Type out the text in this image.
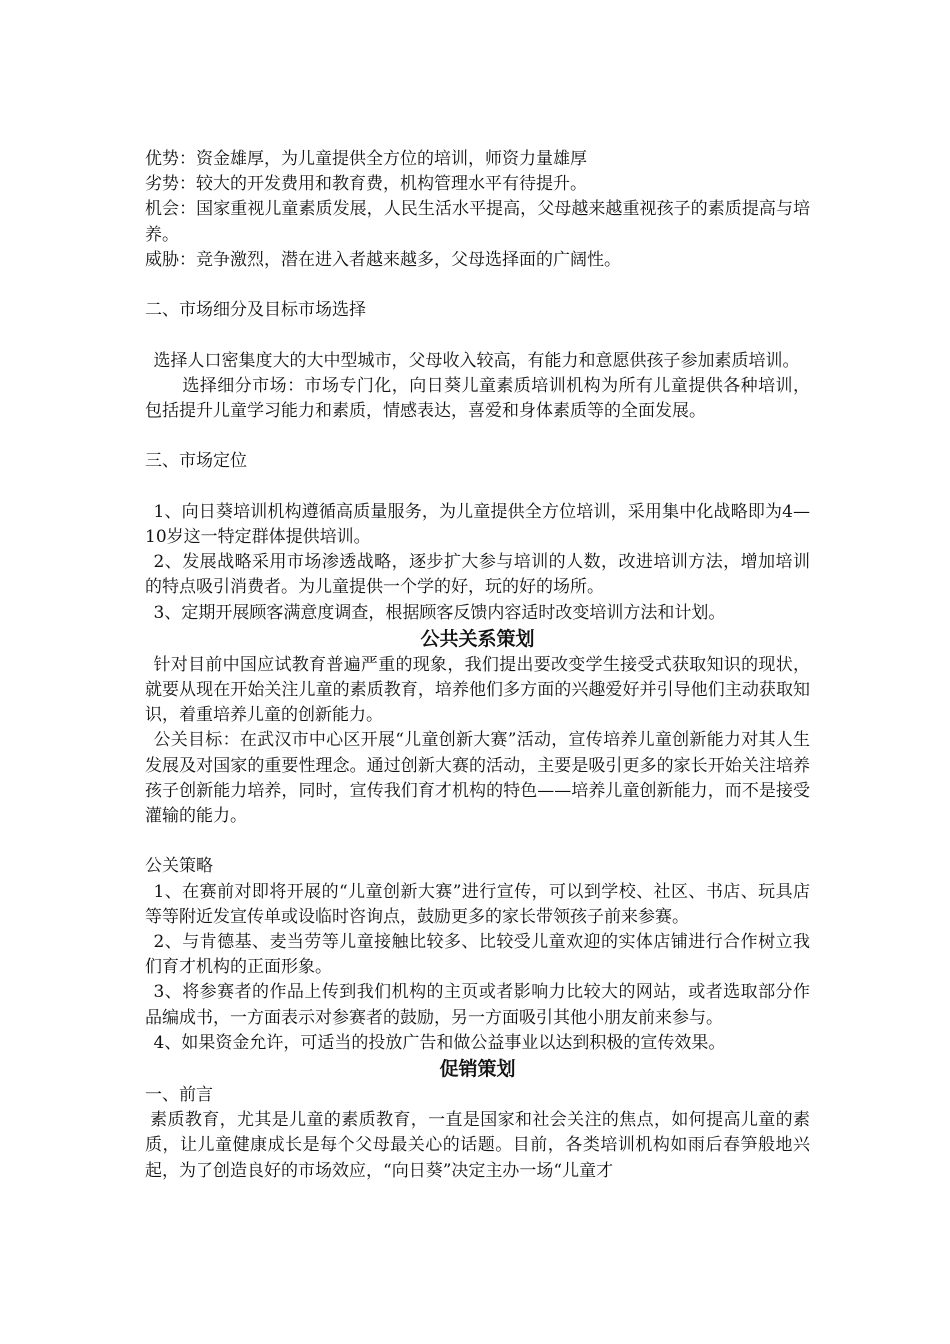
优势：资金雄厚，为儿童提供全方位的培训，师资力量雄厚

劣势：较大的开发费用和教育费，机构管理水平有待提升。

机会：国家重视儿童素质发展，人民生活水平提高，父母越来越重视孩子的素质提高与培养。

威胁：竞争激烈，潜在进入者越来越多，父母选择面的广阔性。

二、市场细分及目标市场选择

选择人口密集度大的大中型城市，父母收入较高，有能力和意愿供孩子参加素质培训。

选择细分市场：市场专门化，向日葵儿童素质培训机构为所有儿童提供各种培训，包括提升儿童学习能力和素质，情感表达，喜爱和身体素质等的全面发展。

三、市场定位

1、向日葵培训机构遵循高质量服务，为儿童提供全方位培训，采用集中化战略即为4—10岁这一特定群体提供培训。

2、发展战略采用市场渗透战略，逐步扩大参与培训的人数，改进培训方法，增加培训的特点吸引消费者。为儿童提供一个学的好，玩的好的场所。

3、定期开展顾客满意度调查，根据顾客反馈内容适时改变培训方法和计划。

公共关系策划

针对目前中国应试教育普遍严重的现象，我们提出要改变学生接受式获取知识的现状，就要从现在开始关注儿童的素质教育，培养他们多方面的兴趣爱好并引导他们主动获取知识，着重培养儿童的创新能力。

公关目标：在武汉市中心区开展“儿童创新大赛”活动，宣传培养儿童创新能力对其人生发展及对国家的重要性理念。通过创新大赛的活动，主要是吸引更多的家长开始关注培养孩子创新能力培养，同时，宣传我们育才机构的特色——培养儿童创新能力，而不是接受灌输的能力。

公关策略

1、在赛前对即将开展的“儿童创新大赛”进行宣传，可以到学校、社区、书店、玩具店等等附近发宣传单或设临时咨询点，鼓励更多的家长带领孩子前来参赛。

2、与肯德基、麦当劳等儿童接触比较多、比较受儿童欢迎的实体店铺进行合作树立我们育才机构的正面形象。

3、将参赛者的作品上传到我们机构的主页或者影响力比较大的网站，或者选取部分作品编成书，一方面表示对参赛者的鼓励，另一方面吸引其他小朋友前来参与。

4、如果资金允许，可适当的投放广告和做公益事业以达到积极的宣传效果。

促销策划

一、前言

素质教育，尤其是儿童的素质教育，一直是国家和社会关注的焦点，如何提高儿童的素质，让儿童健康成长是每个父母最关心的话题。目前，各类培训机构如雨后春笋般地兴起，为了创造良好的市场效应，“向日葵”决定主办一场“儿童才
